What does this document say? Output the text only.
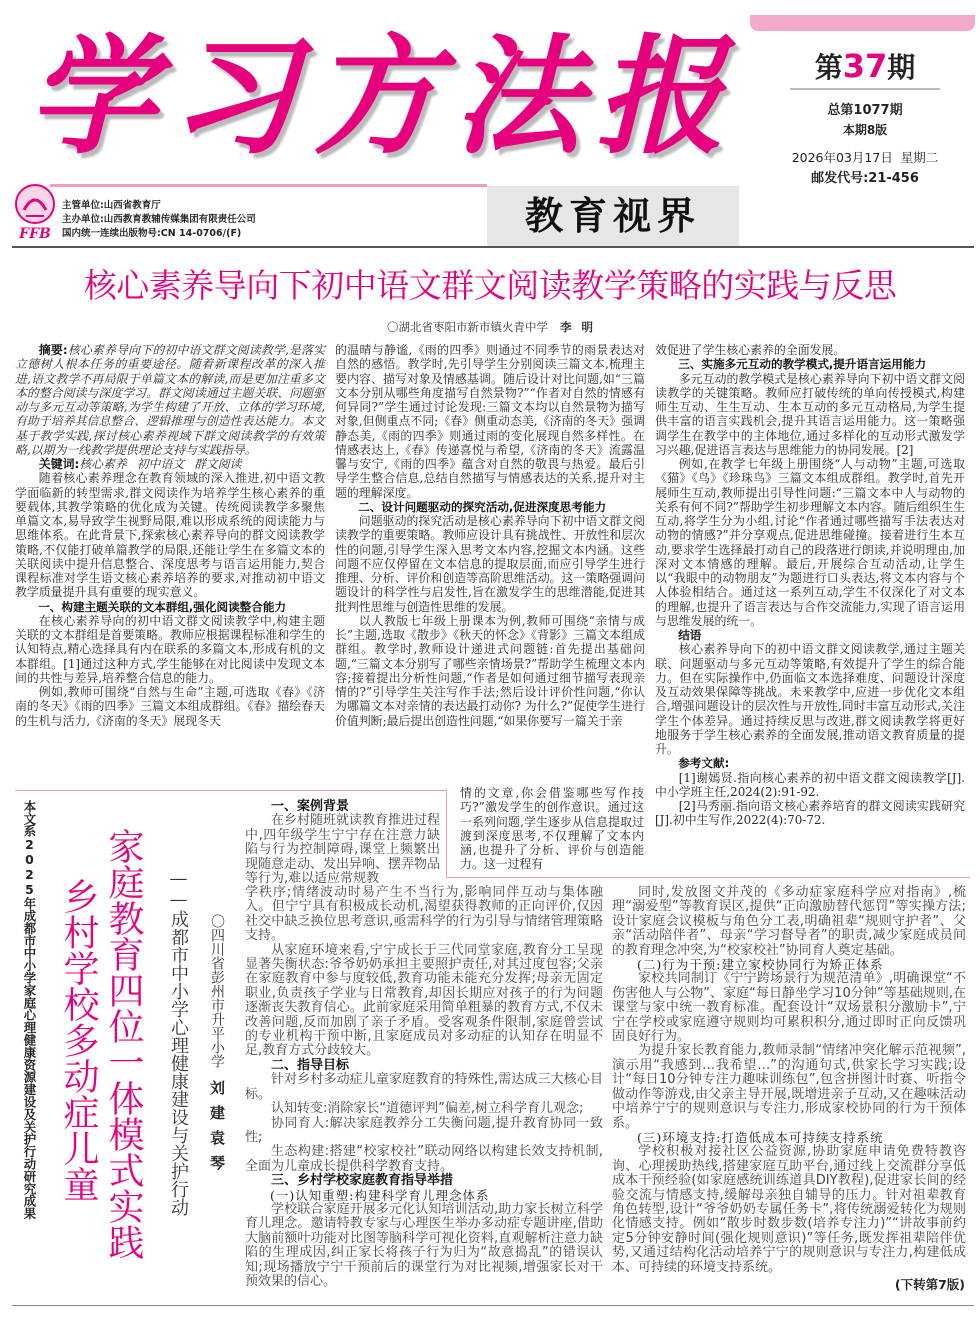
学习方法报	第37期
总第1077期
本期8版
2026年03月17日  星期二
邮发代号:21-456
FFB
主管单位:山西省教育厅
主办单位:山西教育教辅传媒集团有限责任公司
国内统一连续出版物号:CN 14-0706/(F)	教育视界
核心素养导向下初中语文群文阅读教学策略的实践与反思
〇湖北省枣阳市新市镇火青中学 李明

摘要:核心素养导向下的初中语文群文阅读教学,是落实立德树人根本任务的重要途径。随着新课程改革的深入推进,语文教学不再局限于单篇文本的解读,而是更加注重多文本的整合阅读与深度学习。群文阅读通过主题关联、问题驱动与多元互动等策略,为学生构建了开放、立体的学习环境,有助于培养其信息整合、逻辑推理与创造性表达能力。本文基于教学实践,探讨核心素养视域下群文阅读教学的有效策略,以期为一线教学提供理论支持与实践指导。

关键词:核心素养 初中语文 群文阅读

随着核心素养理念在教育领域的深入推进,初中语文教学面临新的转型需求,群文阅读作为培养学生核心素养的重要载体,其教学策略的优化成为关键。传统阅读教学多聚焦单篇文本,易导致学生视野局限,难以形成系统的阅读能力与思维体系。在此背景下,探索核心素养导向的群文阅读教学策略,不仅能打破单篇教学的局限,还能让学生在多篇文本的关联阅读中提升信息整合、深度思考与语言运用能力,契合课程标准对学生语文核心素养培养的要求,对推动初中语文教学质量提升具有重要的现实意义。

一、构建主题关联的文本群组,强化阅读整合能力

在核心素养导向的初中语文群文阅读教学中,构建主题关联的文本群组是首要策略。教师应根据课程标准和学生的认知特点,精心选择具有内在联系的多篇文本,形成有机的文本群组。[1]通过这种方式,学生能够在对比阅读中发现文本间的共性与差异,培养整合信息的能力。

例如,教师可围绕“自然与生命”主题,可选取《春》《济南的冬天》《雨的四季》三篇文本组成群组。《春》描绘春天的生机与活力,《济南的冬天》展现冬天

的温晴与静谧,《雨的四季》则通过不同季节的雨景表达对自然的感悟。教学时,先引导学生分别阅读三篇文本,梳理主要内容、描写对象及情感基调。随后设计对比问题,如“三篇文本分别从哪些角度描写自然景物?”“作者对自然的情感有何异同?”学生通过讨论发现:三篇文本均以自然景物为描写对象,但侧重点不同;《春》侧重动态美,《济南的冬天》强调静态美,《雨的四季》则通过雨的变化展现自然多样性。在情感表达上,《春》传递喜悦与希望,《济南的冬天》流露温馨与安宁,《雨的四季》蕴含对自然的敬畏与热爱。最后引导学生整合信息,总结自然描写与情感表达的关系,提升对主题的理解深度。

二、设计问题驱动的探究活动,促进深度思考能力

问题驱动的探究活动是核心素养导向下初中语文群文阅读教学的重要策略。教师应设计具有挑战性、开放性和层次性的问题,引导学生深入思考文本内容,挖掘文本内涵。这些问题不应仅停留在文本信息的提取层面,而应引导学生进行推理、分析、评价和创造等高阶思维活动。这一策略强调问题设计的科学性与启发性,旨在激发学生的思维潜能,促进其批判性思维与创造性思维的发展。

以人教版七年级上册课本为例,教师可围绕“亲情与成长”主题,选取《散步》《秋天的怀念》《背影》三篇文本组成群组。教学时,教师设计递进式问题链:首先提出基础问题,“三篇文本分别写了哪些亲情场景?”帮助学生梳理文本内容;接着提出分析性问题,“作者是如何通过细节描写表现亲情的?”引导学生关注写作手法;然后设计评价性问题,“你认为哪篇文本对亲情的表达最打动你? 为什么?”促使学生进行价值判断;最后提出创造性问题,“如果你要写一篇关于亲

情的文章,你会借鉴哪些写作技巧?”激发学生的创作意识。通过这一系列问题,学生逐步从信息提取过渡到深度思考,不仅理解了文本内涵,也提升了分析、评价与创造能力。这一过程有

效促进了学生核心素养的全面发展。

三、实施多元互动的教学模式,提升语言运用能力

多元互动的教学模式是核心素养导向下初中语文群文阅读教学的关键策略。教师应打破传统的单向传授模式,构建师生互动、生生互动、生本互动的多元互动格局,为学生提供丰富的语言实践机会,提升其语言运用能力。这一策略强调学生在教学中的主体地位,通过多样化的互动形式激发学习兴趣,促进语言表达与思维能力的协同发展。[2]

例如,在教学七年级上册围绕“人与动物”主题,可选取《猫》《鸟》《珍珠鸟》三篇文本组成群组。教学时,首先开展师生互动,教师提出引导性问题:“三篇文本中人与动物的关系有何不同?”帮助学生初步理解文本内容。随后组织生生互动,将学生分为小组,讨论“作者通过哪些描写手法表达对动物的情感?”并分享观点,促进思维碰撞。接着进行生本互动,要求学生选择最打动自己的段落进行朗读,并说明理由,加深对文本情感的理解。最后,开展综合互动活动,让学生以“我眼中的动物朋友”为题进行口头表达,将文本内容与个人体验相结合。通过这一系列互动,学生不仅深化了对文本的理解,也提升了语言表达与合作交流能力,实现了语言运用与思维发展的统一。

结语

核心素养导向下的初中语文群文阅读教学,通过主题关联、问题驱动与多元互动等策略,有效提升了学生的综合能力。但在实际操作中,仍面临文本选择难度、问题设计深度及互动效果保障等挑战。未来教学中,应进一步优化文本组合,增强问题设计的层次性与开放性,同时丰富互动形式,关注学生个体差异。通过持续反思与改进,群文阅读教学将更好地服务于学生核心素养的全面发展,推动语文教育质量的提升。

参考文献:

[1]谢嫣贤.指向核心素养的初中语文群文阅读教学[J].中小学班主任,2024(2):91-92.

[2]马秀丽.指向语文核心素养培育的群文阅读实践研究[J].初中生写作,2022(4):70-72.

本文系2025年成都市中小学家庭心理健康资源建设及关护行动研究成果 家庭教育四位一体模式实践
乡村学校多动症儿童	——成都市中小学心理健康建设与关护行动 〇四川省彭州市升平小学
刘建袁琴
一、案例背景

在乡村随班就读教育推进过程中,四年级学生宁宁存在注意力缺陷与行为控制障碍,课堂上频繁出现随意走动、发出异响、摆弄物品等行为,难以适应常规教

学秩序;情绪波动时易产生不当行为,影响同伴互动与集体融入。但宁宁具有积极成长动机,渴望获得教师的正向评价,仅因社交中缺乏换位思考意识,亟需科学的行为引导与情绪管理策略支持。

从家庭环境来看,宁宁成长于三代同堂家庭,教育分工呈现显著失衡状态:爷爷奶奶承担主要照护责任,对其过度包容;父亲在家庭教育中参与度较低,教育功能未能充分发挥;母亲无固定职业,负责孩子学业与日常教育,却因长期应对孩子的行为问题逐渐丧失教育信心。此前家庭采用简单粗暴的教育方式,不仅未改善问题,反而加剧了亲子矛盾。受客观条件限制,家庭曾尝试的专业机构干预中断,且家庭成员对多动症的认知存在明显不足,教育方式分歧较大。

二、指导目标

针对乡村多动症儿童家庭教育的特殊性,需达成三大核心目标。

认知转变:消除家长“道德评判”偏差,树立科学育儿观念;

协同育人:解决家庭教养分工失衡问题,提升教育协同一致性;

生态构建:搭建“校家校社”联动网络以构建长效支持机制,全面为儿童成长提供科学教育支持。

三、乡村学校家庭教育指导举措
(一)认知重塑:构建科学育儿理念体系

学校联合家庭开展多元化认知培训活动,助力家长树立科学育儿理念。邀请特教专家与心理医生举办多动症专题讲座,借助大脑前额叶功能对比图等脑科学可视化资料,直观解析注意力缺陷的生理成因,纠正家长将孩子行为归为“故意捣乱”的错误认知;现场播放宁宁干预前后的课堂行为对比视频,增强家长对干预效果的信心。

同时,发放图文并茂的《多动症家庭科学应对指南》,梳理“溺爱型”等教育误区,提供“正向激励替代惩罚”等实操方法;设计家庭会议模板与角色分工表,明确祖辈“规则守护者”、父亲“活动陪伴者”、母亲“学习督导者”的职责,减少家庭成员间的教育理念冲突,为“校家校社”协同育人奠定基础。

(二)行为干预:建立家校协同行为矫正体系

家校共同制订《宁宁跨场景行为规范清单》,明确课堂“不伤害他人与公物”、家庭“每日静坐学习10分钟”等基础规则,在课堂与家中统一教育标准。配套设计“双场景积分激励卡”,宁宁在学校或家庭遵守规则均可累积积分,通过即时正向反馈巩固良好行为。

为提升家长教育能力,教师录制“情绪冲突化解示范视频”,演示用“我感到…我希望…”的沟通句式,供家长学习实践;设计“每日10分钟专注力趣味训练包”,包含拼图计时赛、听指令做动作等游戏,由父亲主导开展,既增进亲子互动,又在趣味活动中培养宁宁的规则意识与专注力,形成家校协同的行为干预体系。

(三)环境支持:打造低成本可持续支持系统

学校积极对接社区公益资源,协助家庭申请免费特教咨询、心理援助热线,搭建家庭互助平台,通过线上交流群分享低成本干预经验(如家庭感统训练道具DIY教程),促进家长间的经验交流与情感支持,缓解母亲独自辅导的压力。针对祖辈教育角色转型,设计“爷爷奶奶专属任务卡”,将传统溺爱转化为规则化情感支持。例如“散步时数步数(培养专注力)”“讲故事前约定5分钟安静时间(强化规则意识)”等任务,既发挥祖辈陪伴优势,又通过结构化活动培养宁宁的规则意识与专注力,构建低成本、可持续的环境支持系统。

(下转第7版)
